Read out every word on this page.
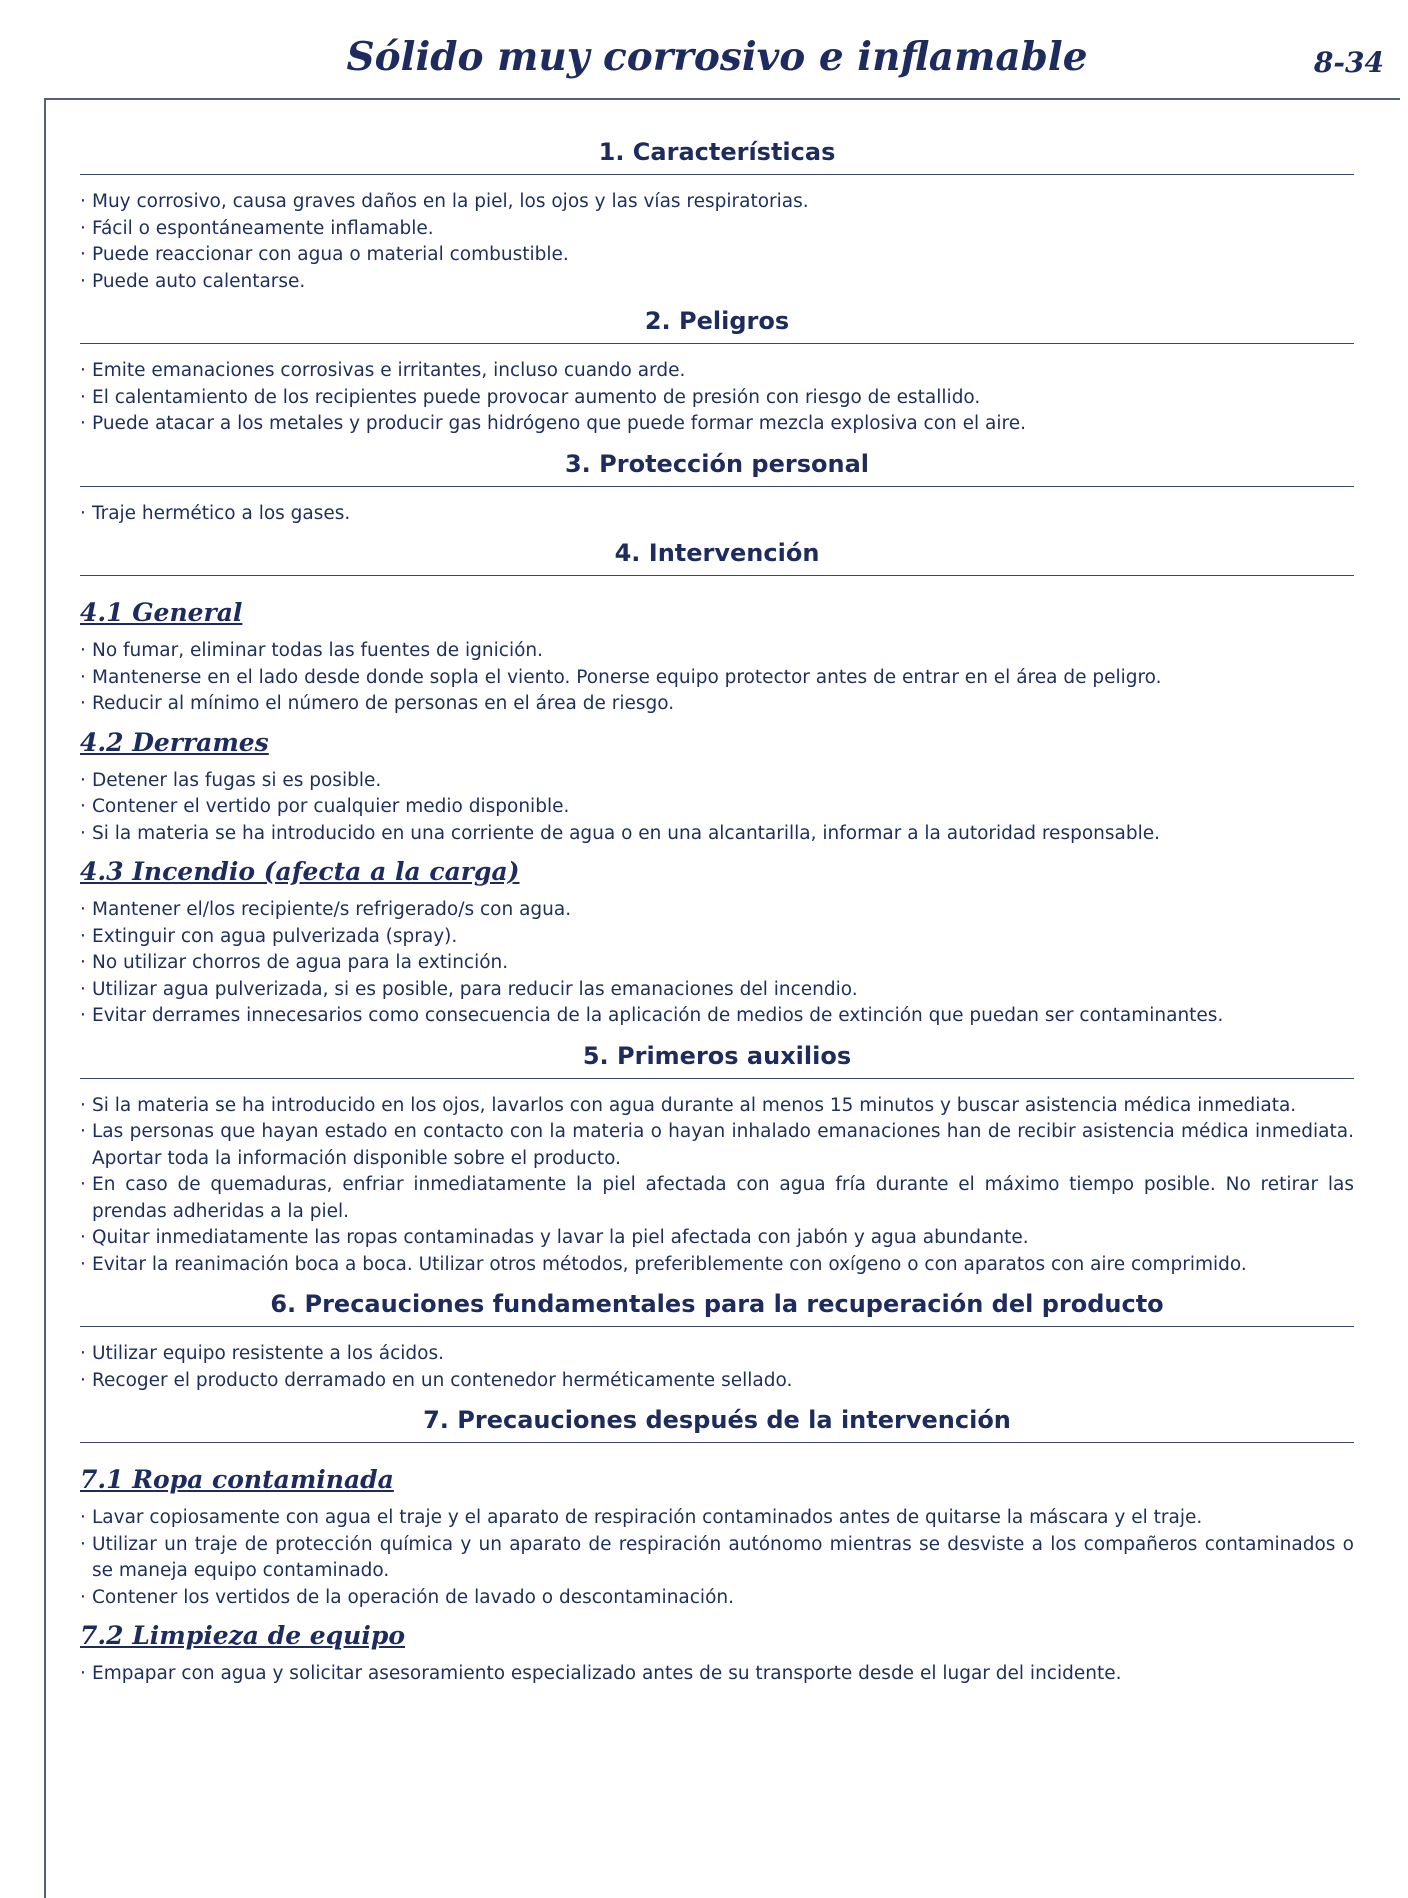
Sólido muy corrosivo e inflamable	8-34
1. Características
· Muy corrosivo, causa graves daños en la piel, los ojos y las vías respiratorias.
· Fácil o espontáneamente inflamable.
· Puede reaccionar con agua o material combustible.
· Puede auto calentarse.
2. Peligros
· Emite emanaciones corrosivas e irritantes, incluso cuando arde.
· El calentamiento de los recipientes puede provocar aumento de presión con riesgo de estallido.
· Puede atacar a los metales y producir gas hidrógeno que puede formar mezcla explosiva con el aire.
3. Protección personal
· Traje hermético a los gases.
4. Intervención
4.1 General
· No fumar, eliminar todas las fuentes de ignición.
· Mantenerse en el lado desde donde sopla el viento. Ponerse equipo protector antes de entrar en el área de peligro.
· Reducir al mínimo el número de personas en el área de riesgo.
4.2 Derrames
· Detener las fugas si es posible.
· Contener el vertido por cualquier medio disponible.
· Si la materia se ha introducido en una corriente de agua o en una alcantarilla, informar a la autoridad responsable.
4.3 Incendio (afecta a la carga)
· Mantener el/los recipiente/s refrigerado/s con agua.
· Extinguir con agua pulverizada (spray).
· No utilizar chorros de agua para la extinción.
· Utilizar agua pulverizada, si es posible, para reducir las emanaciones del incendio.
· Evitar derrames innecesarios como consecuencia de la aplicación de medios de extinción que puedan ser contaminantes.
5. Primeros auxilios
· Si la materia se ha introducido en los ojos, lavarlos con agua durante al menos 15 minutos y buscar asistencia médica inmediata.
· Las personas que hayan estado en contacto con la materia o hayan inhalado emanaciones han de recibir asistencia médica inmediata. Aportar toda la información disponible sobre el producto.
· En caso de quemaduras, enfriar inmediatamente la piel afectada con agua fría durante el máximo tiempo posible. No retirar las prendas adheridas a la piel.
· Quitar inmediatamente las ropas contaminadas y lavar la piel afectada con jabón y agua abundante.
· Evitar la reanimación boca a boca. Utilizar otros métodos, preferiblemente con oxígeno o con aparatos con aire comprimido.
6. Precauciones fundamentales para la recuperación del producto
· Utilizar equipo resistente a los ácidos.
· Recoger el producto derramado en un contenedor herméticamente sellado.
7. Precauciones después de la intervención
7.1 Ropa contaminada
· Lavar copiosamente con agua el traje y el aparato de respiración contaminados antes de quitarse la máscara y el traje.
· Utilizar un traje de protección química y un aparato de respiración autónomo mientras se desviste a los compañeros contaminados o se maneja equipo contaminado.
· Contener los vertidos de la operación de lavado o descontaminación.
7.2 Limpieza de equipo
· Empapar con agua y solicitar asesoramiento especializado antes de su transporte desde el lugar del incidente.
